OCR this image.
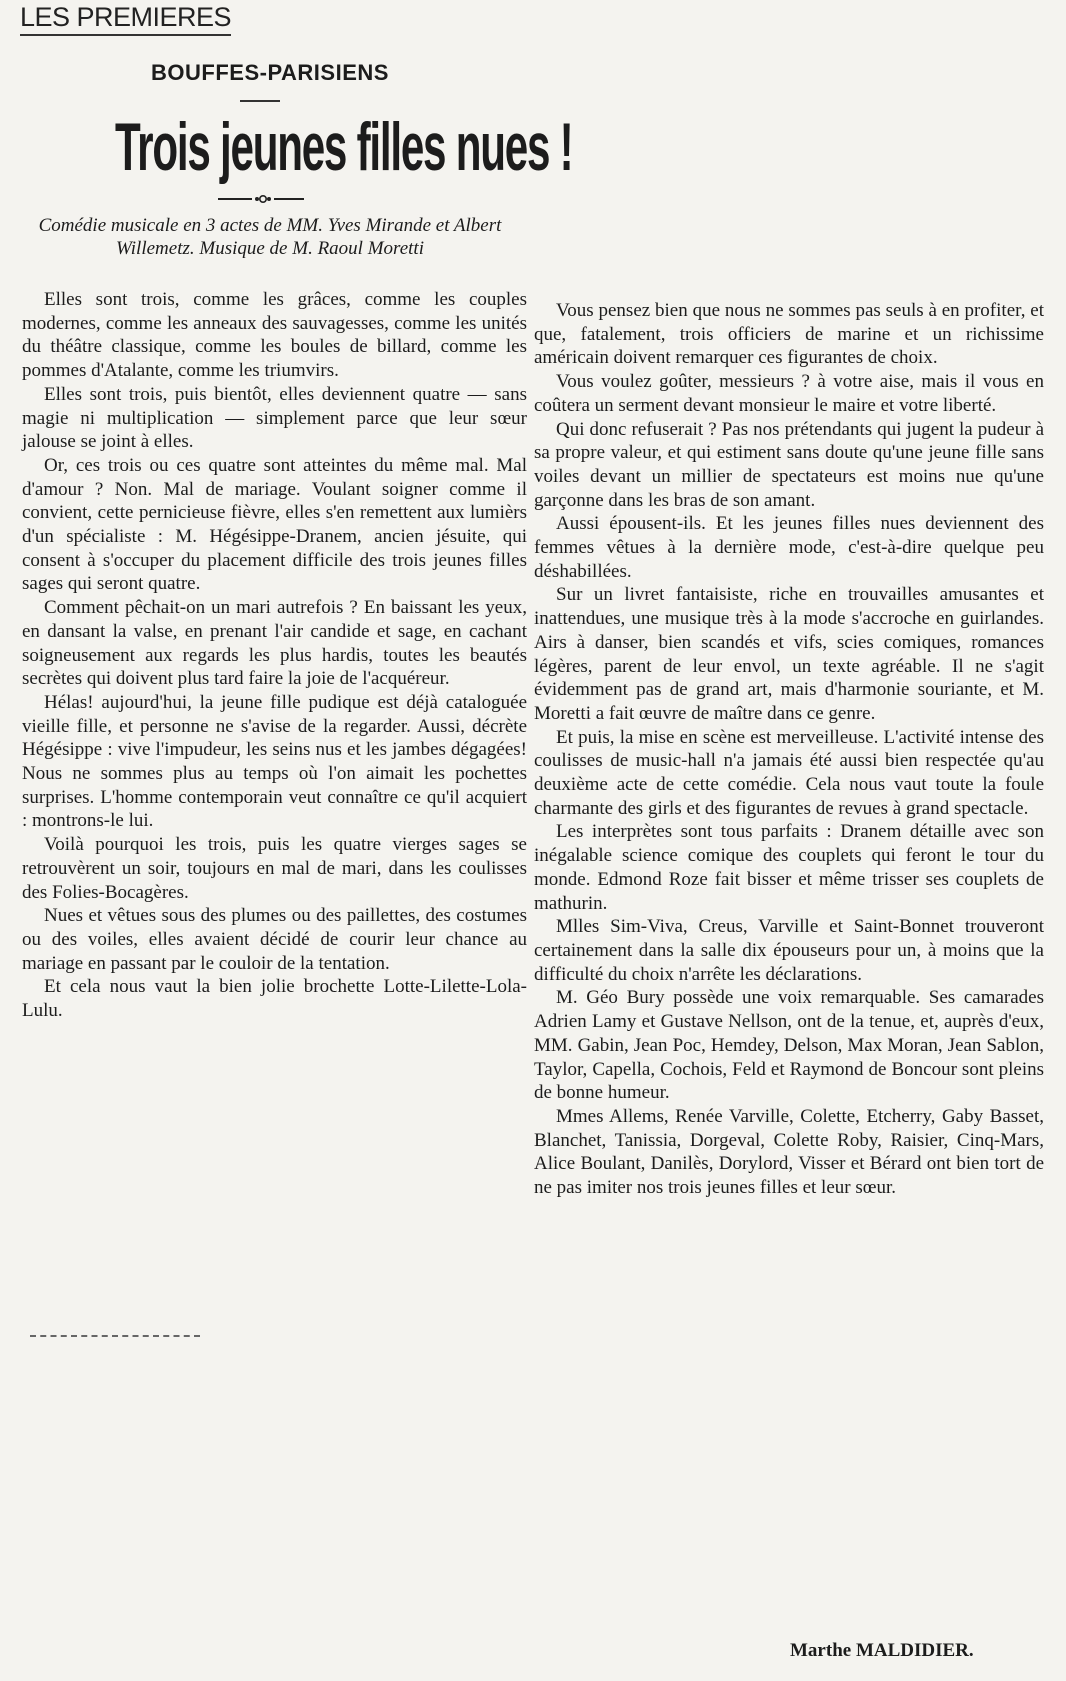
LES PREMIERES
BOUFFES-PARISIENS
Trois jeunes filles nues !
Comédie musicale en 3 actes de MM. Yves Mirande et Albert Willemetz. Musique de M. Raoul Moretti

Elles sont trois, comme les grâces, comme les couples modernes, comme les anneaux des sauvagesses, comme les unités du théâtre classique, comme les boules de billard, comme les pommes d'Atalante, comme les triumvirs.

Elles sont trois, puis bientôt, elles deviennent quatre — sans magie ni multiplication — simplement parce que leur sœur jalouse se joint à elles.

Or, ces trois ou ces quatre sont atteintes du même mal. Mal d'amour ? Non. Mal de mariage. Voulant soigner comme il convient, cette pernicieuse fièvre, elles s'en remettent aux lumièrs d'un spécialiste : M. Hégésippe-Dranem, ancien jésuite, qui consent à s'occuper du placement difficile des trois jeunes filles sages qui seront quatre.

Comment pêchait-on un mari autrefois ? En baissant les yeux, en dansant la valse, en prenant l'air candide et sage, en cachant soigneusement aux regards les plus hardis, toutes les beautés secrètes qui doivent plus tard faire la joie de l'acquéreur.

Hélas! aujourd'hui, la jeune fille pudique est déjà cataloguée vieille fille, et personne ne s'avise de la regarder. Aussi, décrète Hégésippe : vive l'impudeur, les seins nus et les jambes dégagées! Nous ne sommes plus au temps où l'on aimait les pochettes surprises. L'homme contemporain veut connaître ce qu'il acquiert : montrons-le lui.

Voilà pourquoi les trois, puis les quatre vierges sages se retrouvèrent un soir, toujours en mal de mari, dans les coulisses des Folies-Bocagères.

Nues et vêtues sous des plumes ou des paillettes, des costumes ou des voiles, elles avaient décidé de courir leur chance au mariage en passant par le couloir de la tentation.

Et cela nous vaut la bien jolie brochette Lotte-Lilette-Lola-Lulu.

Vous pensez bien que nous ne sommes pas seuls à en profiter, et que, fatalement, trois officiers de marine et un richissime américain doivent remarquer ces figurantes de choix.

Vous voulez goûter, messieurs ? à votre aise, mais il vous en coûtera un serment devant monsieur le maire et votre liberté.

Qui donc refuserait ? Pas nos prétendants qui jugent la pudeur à sa propre valeur, et qui estiment sans doute qu'une jeune fille sans voiles devant un millier de spectateurs est moins nue qu'une garçonne dans les bras de son amant.

Aussi épousent-ils. Et les jeunes filles nues deviennent des femmes vêtues à la dernière mode, c'est-à-dire quelque peu déshabillées.

Sur un livret fantaisiste, riche en trouvailles amusantes et inattendues, une musique très à la mode s'accroche en guirlandes. Airs à danser, bien scandés et vifs, scies comiques, romances légères, parent de leur envol, un texte agréable. Il ne s'agit évidemment pas de grand art, mais d'harmonie souriante, et M. Moretti a fait œuvre de maître dans ce genre.

Et puis, la mise en scène est merveilleuse. L'activité intense des coulisses de music-hall n'a jamais été aussi bien respectée qu'au deuxième acte de cette comédie. Cela nous vaut toute la foule charmante des girls et des figurantes de revues à grand spectacle.

Les interprètes sont tous parfaits : Dranem détaille avec son inégalable science comique des couplets qui feront le tour du monde. Edmond Roze fait bisser et même trisser ses couplets de mathurin.

Mlles Sim-Viva, Creus, Varville et Saint-Bonnet trouveront certainement dans la salle dix épouseurs pour un, à moins que la difficulté du choix n'arrête les déclarations.

M. Géo Bury possède une voix remarquable. Ses camarades Adrien Lamy et Gustave Nellson, ont de la tenue, et, auprès d'eux, MM. Gabin, Jean Poc, Hemdey, Delson, Max Moran, Jean Sablon, Taylor, Capella, Cochois, Feld et Raymond de Boncour sont pleins de bonne humeur.

Mmes Allems, Renée Varville, Colette, Etcherry, Gaby Basset, Blanchet, Tanissia, Dorgeval, Colette Roby, Raisier, Cinq-Mars, Alice Boulant, Danilès, Dorylord, Visser et Bérard ont bien tort de ne pas imiter nos trois jeunes filles et leur sœur.

Marthe MALDIDIER.
